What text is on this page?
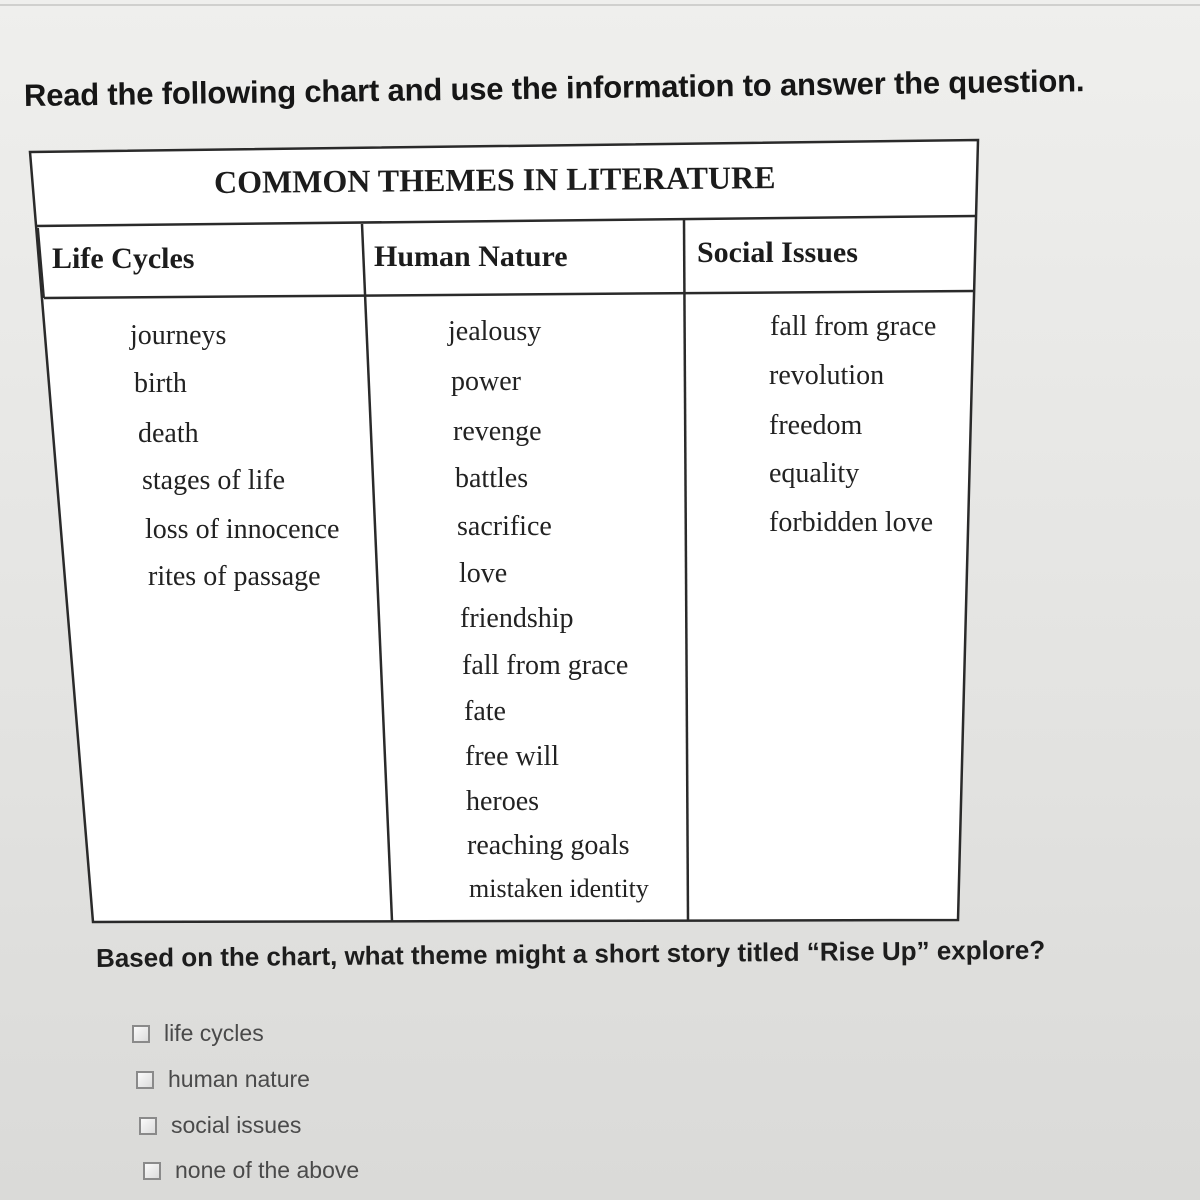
Read the following chart and use the information to answer the question.
COMMON THEMES IN LITERATURE
Life Cycles	Human Nature	Social Issues
journeys
birth
death
stages of life
loss of innocence
rites of passage
jealousy
power
revenge
battles
sacrifice
love
friendship
fall from grace
fate
free will
heroes
reaching goals
mistaken identity
fall from grace
revolution
freedom
equality
forbidden love
Based on the chart, what theme might a short story titled “Rise Up” explore?
life cycles
human nature
social issues
none of the above
